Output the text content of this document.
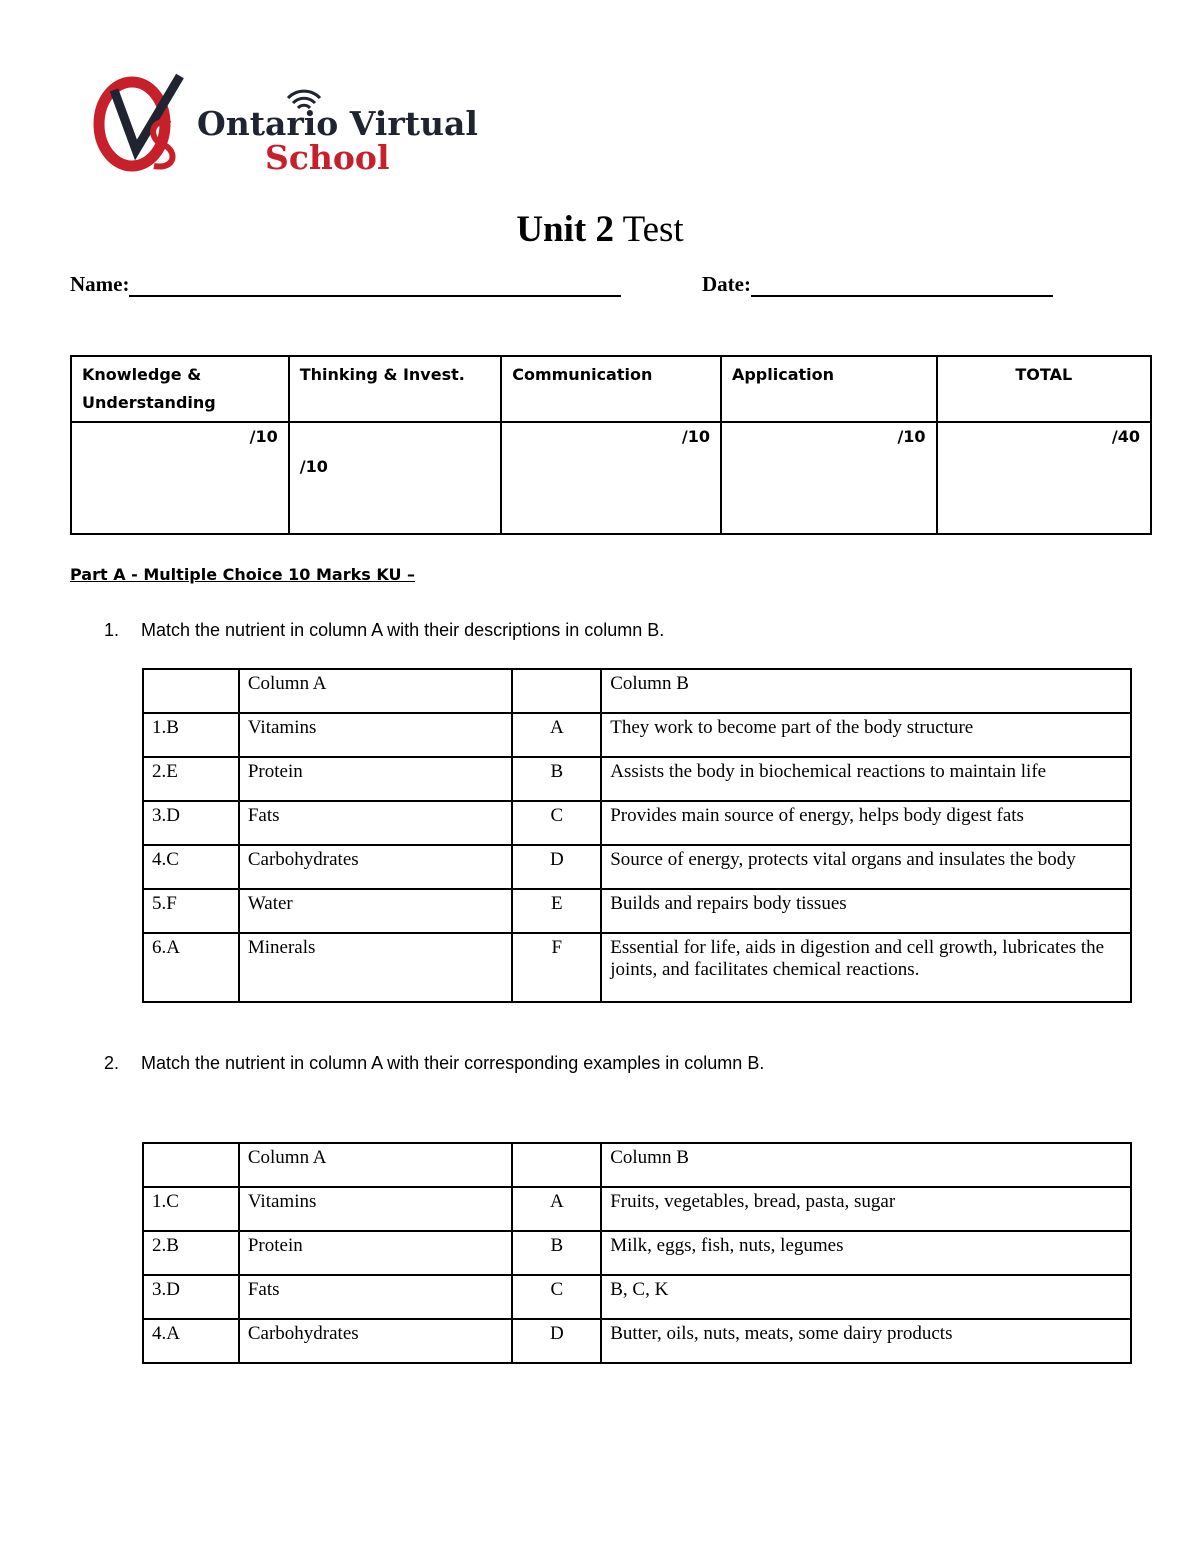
Ontario Virtual
School
Unit 2 Test
Name:	Date:
Knowledge & Understanding	Thinking & Invest.	Communication	Application	TOTAL
/10	/10	/10	/10	/40
Part A - Multiple Choice 10 Marks KU –
1. Match the nutrient in column A with their descriptions in column B.
	Column A		Column B
1.B	Vitamins	A	They work to become part of the body structure
2.E	Protein	B	Assists the body in biochemical reactions to maintain life
3.D	Fats	C	Provides main source of energy, helps body digest fats
4.C	Carbohydrates	D	Source of energy, protects vital organs and insulates the body
5.F	Water	E	Builds and repairs body tissues
6.A	Minerals	F	Essential for life, aids in digestion and cell growth, lubricates the joints, and facilitates chemical reactions.
2. Match the nutrient in column A with their corresponding examples in column B.
	Column A		Column B
1.C	Vitamins	A	Fruits, vegetables, bread, pasta, sugar
2.B	Protein	B	Milk, eggs, fish, nuts, legumes
3.D	Fats	C	B, C, K
4.A	Carbohydrates	D	Butter, oils, nuts, meats, some dairy products
